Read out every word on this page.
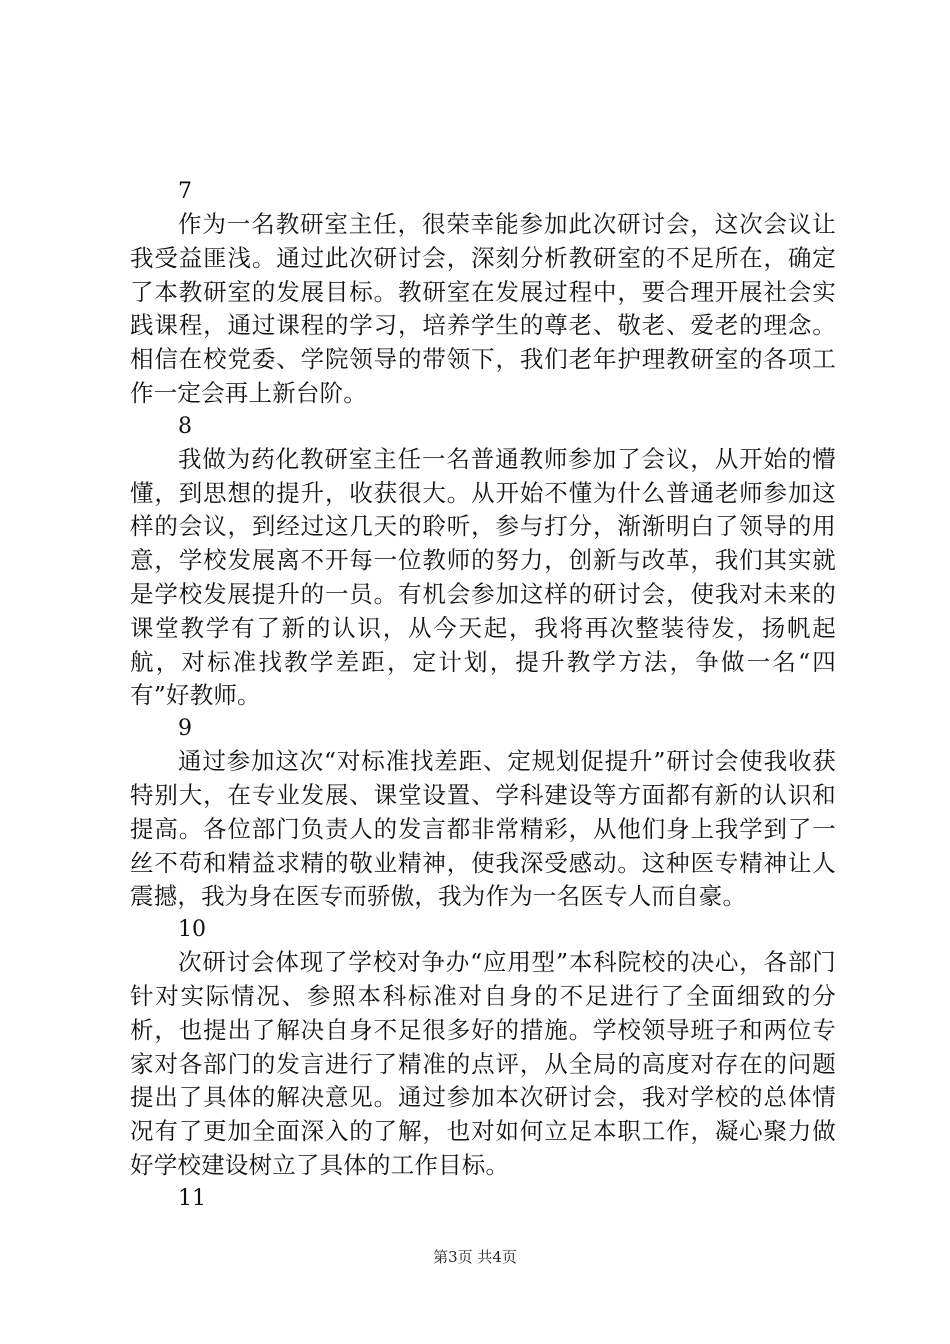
7

作为一名教研室主任，很荣幸能参加此次研讨会，这次会议让我受益匪浅。通过此次研讨会，深刻分析教研室的不足所在，确定了本教研室的发展目标。教研室在发展过程中，要合理开展社会实践课程，通过课程的学习，培养学生的尊老、敬老、爱老的理念。相信在校党委、学院领导的带领下，我们老年护理教研室的各项工作一定会再上新台阶。

8

我做为药化教研室主任一名普通教师参加了会议，从开始的懵懂，到思想的提升，收获很大。从开始不懂为什么普通老师参加这样的会议，到经过这几天的聆听，参与打分，渐渐明白了领导的用意，学校发展离不开每一位教师的努力，创新与改革，我们其实就是学校发展提升的一员。有机会参加这样的研讨会，使我对未来的课堂教学有了新的认识，从今天起，我将再次整装待发，扬帆起航，对标准找教学差距，定计划，提升教学方法，争做一名“四有”好教师。

9

通过参加这次“对标准找差距、定规划促提升”研讨会使我收获特别大，在专业发展、课堂设置、学科建设等方面都有新的认识和提高。各位部门负责人的发言都非常精彩，从他们身上我学到了一丝不苟和精益求精的敬业精神，使我深受感动。这种医专精神让人震撼，我为身在医专而骄傲，我为作为一名医专人而自豪。

10

次研讨会体现了学校对争办“应用型”本科院校的决心，各部门针对实际情况、参照本科标准对自身的不足进行了全面细致的分析，也提出了解决自身不足很多好的措施。学校领导班子和两位专家对各部门的发言进行了精准的点评，从全局的高度对存在的问题提出了具体的解决意见。通过参加本次研讨会，我对学校的总体情况有了更加全面深入的了解，也对如何立足本职工作，凝心聚力做好学校建设树立了具体的工作目标。

11
第3页 共4页
